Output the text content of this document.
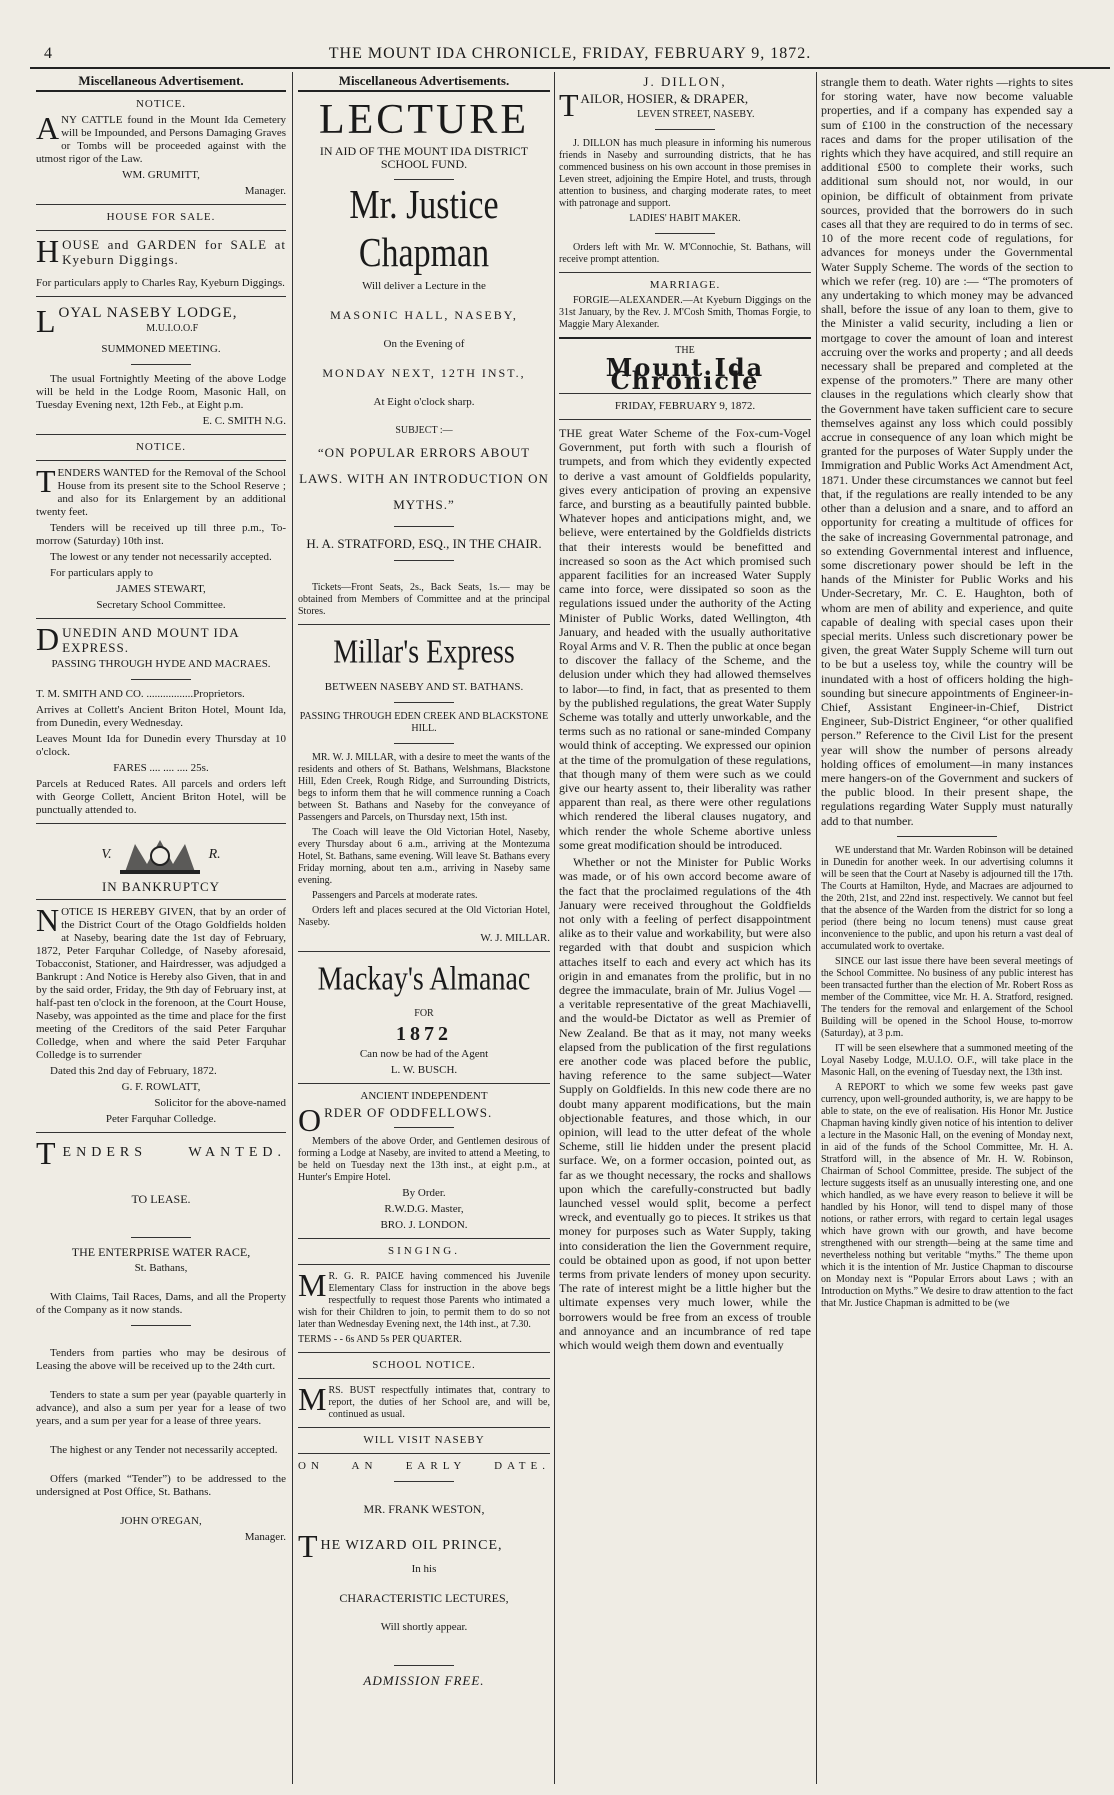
4	THE MOUNT IDA CHRONICLE, FRIDAY, FEBRUARY 9, 1872.
Miscellaneous Advertisement.
NOTICE.

ANY CATTLE found in the Mount Ida Cemetery will be Impounded, and Persons Damaging Graves or Tombs will be proceeded against with the utmost rigor of the Law.

WM. GRUMITT,

Manager.

HOUSE FOR SALE.

HOUSE and GARDEN for SALE at Kyeburn Diggings.

For particulars apply to Charles Ray, Kyeburn Diggings.

LOYAL NASEBY LODGE,

M.U.I.O.O.F

SUMMONED MEETING.

The usual Fortnightly Meeting of the above Lodge will be held in the Lodge Room, Masonic Hall, on Tuesday Evening next, 12th Feb., at Eight p.m.

E. C. SMITH N.G.

NOTICE.

TENDERS WANTED for the Removal of the School House from its present site to the School Reserve ; and also for its Enlargement by an additional twenty feet.

Tenders will be received up till three p.m., To-morrow (Saturday) 10th inst.

The lowest or any tender not necessarily accepted.

For particulars apply to

JAMES STEWART,

Secretary School Committee.

DUNEDIN AND MOUNT IDA EXPRESS.

PASSING THROUGH HYDE AND MACRAES.

T. M. SMITH AND CO. .................Proprietors.

Arrives at Collett's Ancient Briton Hotel, Mount Ida, from Dunedin, every Wednesday.

Leaves Mount Ida for Dunedin every Thursday at 10 o'clock.

FARES .... .... .... 25s.

Parcels at Reduced Rates. All parcels and orders left with George Collett, Ancient Briton Hotel, will be punctually attended to.

V.	R.

IN BANKRUPTCY

NOTICE IS HEREBY GIVEN, that by an order of the District Court of the Otago Goldfields holden at Naseby, bearing date the 1st day of February, 1872, Peter Farquhar Colledge, of Naseby aforesaid, Tobacconist, Stationer, and Hairdresser, was adjudged a Bankrupt : And Notice is Hereby also Given, that in and by the said order, Friday, the 9th day of February inst, at half-past ten o'clock in the forenoon, at the Court House, Naseby, was appointed as the time and place for the first meeting of the Creditors of the said Peter Farquhar Colledge, when and where the said Peter Farquhar Colledge is to surrender

Dated this 2nd day of February, 1872.

G. F. ROWLATT,

Solicitor for the above-named

Peter Farquhar Colledge.

TENDERS WANTED.

TO LEASE.

THE ENTERPRISE WATER RACE,

St. Bathans,

With Claims, Tail Races, Dams, and all the Property of the Company as it now stands.

Tenders from parties who may be desirous of Leasing the above will be received up to the 24th curt.

Tenders to state a sum per year (payable quarterly in advance), and also a sum per year for a lease of two years, and a sum per year for a lease of three years.

The highest or any Tender not necessarily accepted.

Offers (marked “Tender”) to be addressed to the undersigned at Post Office, St. Bathans.

JOHN O'REGAN,

Manager.

Miscellaneous Advertisements.
LECTURE

IN AID OF THE MOUNT IDA DISTRICT SCHOOL FUND.

Mr. Justice Chapman

Will deliver a Lecture in the

MASONIC HALL, NASEBY,

On the Evening of

MONDAY NEXT, 12TH INST.,

At Eight o'clock sharp.

SUBJECT :—

“ON POPULAR ERRORS ABOUT LAWS. WITH AN INTRODUCTION ON MYTHS.”

H. A. STRATFORD, ESQ., IN THE CHAIR.

Tickets—Front Seats, 2s., Back Seats, 1s.— may be obtained from Members of Committee and at the principal Stores.

Millar's Express

BETWEEN NASEBY AND ST. BATHANS.

PASSING THROUGH EDEN CREEK AND BLACKSTONE HILL.

MR. W. J. MILLAR, with a desire to meet the wants of the residents and others of St. Bathans, Welshmans, Blackstone Hill, Eden Creek, Rough Ridge, and Surrounding Districts, begs to inform them that he will commence running a Coach between St. Bathans and Naseby for the conveyance of Passengers and Parcels, on Thursday next, 15th inst.

The Coach will leave the Old Victorian Hotel, Naseby, every Thursday about 6 a.m., arriving at the Montezuma Hotel, St. Bathans, same evening. Will leave St. Bathans every Friday morning, about ten a.m., arriving in Naseby same evening.

Passengers and Parcels at moderate rates.

Orders left and places secured at the Old Victorian Hotel, Naseby.

W. J. MILLAR.

Mackay's Almanac

FOR

1872

Can now be had of the Agent

L. W. BUSCH.

ANCIENT INDEPENDENT

ORDER OF ODDFELLOWS.

Members of the above Order, and Gentlemen desirous of forming a Lodge at Naseby, are invited to attend a Meeting, to be held on Tuesday next the 13th inst., at eight p.m., at Hunter's Empire Hotel.

By Order.

R.W.D.G. Master,

BRO. J. LONDON.

SINGING.

MR. G. R. PAICE having commenced his Juvenile Elementary Class for instruction in the above begs respectfully to request those Parents who intimated a wish for their Children to join, to permit them to do so not later than Wednesday Evening next, the 14th inst., at 7.30.

TERMS - - 6s AND 5s PER QUARTER.

SCHOOL NOTICE.

MRS. BUST respectfully intimates that, contrary to report, the duties of her School are, and will be, continued as usual.

WILL VISIT NASEBY

ON AN EARLY DATE.

MR. FRANK WESTON,

THE WIZARD OIL PRINCE,

In his

CHARACTERISTIC LECTURES,

Will shortly appear.

ADMISSION FREE.

J. DILLON,

TAILOR, HOSIER, & DRAPER,

LEVEN STREET, NASEBY.

J. DILLON has much pleasure in informing his numerous friends in Naseby and surrounding districts, that he has commenced business on his own account in those premises in Leven street, adjoining the Empire Hotel, and trusts, through attention to business, and charging moderate rates, to meet with patronage and support.

LADIES' HABIT MAKER.

Orders left with Mr. W. M'Connochie, St. Bathans, will receive prompt attention.

MARRIAGE.

FORGIE—ALEXANDER.—At Kyeburn Diggings on the 31st January, by the Rev. J. M'Cosh Smith, Thomas Forgie, to Maggie Mary Alexander.

THE

Mount Ida Chronicle

FRIDAY, FEBRUARY 9, 1872.

THE great Water Scheme of the Fox-cum-Vogel Government, put forth with such a flourish of trumpets, and from which they evidently expected to derive a vast amount of Goldfields popularity, gives every anticipation of proving an expensive farce, and bursting as a beautifully painted bubble. Whatever hopes and anticipations might, and, we believe, were entertained by the Goldfields districts that their interests would be benefitted and increased so soon as the Act which promised such apparent facilities for an increased Water Supply came into force, were dissipated so soon as the regulations issued under the authority of the Acting Minister of Public Works, dated Wellington, 4th January, and headed with the usually authoritative Royal Arms and V. R. Then the public at once began to discover the fallacy of the Scheme, and the delusion under which they had allowed themselves to labor—to find, in fact, that as presented to them by the published regulations, the great Water Supply Scheme was totally and utterly unworkable, and the terms such as no rational or sane-minded Company would think of accepting. We expressed our opinion at the time of the promulgation of these regulations, that though many of them were such as we could give our hearty assent to, their liberality was rather apparent than real, as there were other regulations which rendered the liberal clauses nugatory, and which render the whole Scheme abortive unless some great modification should be introduced.

Whether or not the Minister for Public Works was made, or of his own accord become aware of the fact that the proclaimed regulations of the 4th January were received throughout the Goldfields not only with a feeling of perfect disappointment alike as to their value and workability, but were also regarded with that doubt and suspicion which attaches itself to each and every act which has its origin in and emanates from the prolific, but in no degree the immaculate, brain of Mr. Julius Vogel —a veritable representative of the great Machiavelli, and the would-be Dictator as well as Premier of New Zealand. Be that as it may, not many weeks elapsed from the publication of the first regulations ere another code was placed before the public, having reference to the same subject—Water Supply on Goldfields. In this new code there are no doubt many apparent modifications, but the main objectionable features, and those which, in our opinion, will lead to the utter defeat of the whole Scheme, still lie hidden under the present placid surface. We, on a former occasion, pointed out, as far as we thought necessary, the rocks and shallows upon which the carefully-constructed but badly launched vessel would split, become a perfect wreck, and eventually go to pieces. It strikes us that money for purposes such as Water Supply, taking into consideration the lien the Government require, could be obtained upon as good, if not upon better terms from private lenders of money upon security. The rate of interest might be a little higher but the ultimate expenses very much lower, while the borrowers would be free from an excess of trouble and annoyance and an incumbrance of red tape which would weigh them down and eventually

strangle them to death. Water rights —rights to sites for storing water, have now become valuable properties, and if a company has expended say a sum of £100 in the construction of the necessary races and dams for the proper utilisation of the rights which they have acquired, and still require an additional £500 to complete their works, such additional sum should not, nor would, in our opinion, be difficult of obtainment from private sources, provided that the borrowers do in such cases all that they are required to do in terms of sec. 10 of the more recent code of regulations, for advances for moneys under the Governmental Water Supply Scheme. The words of the section to which we refer (reg. 10) are :— “The promoters of any undertaking to which money may be advanced shall, before the issue of any loan to them, give to the Minister a valid security, including a lien or mortgage to cover the amount of loan and interest accruing over the works and property ; and all deeds necessary shall be prepared and completed at the expense of the promoters.” There are many other clauses in the regulations which clearly show that the Government have taken sufficient care to secure themselves against any loss which could possibly accrue in consequence of any loan which might be granted for the purposes of Water Supply under the Immigration and Public Works Act Amendment Act, 1871. Under these circumstances we cannot but feel that, if the regulations are really intended to be any other than a delusion and a snare, and to afford an opportunity for creating a multitude of offices for the sake of increasing Governmental patronage, and so extending Governmental interest and influence, some discretionary power should be left in the hands of the Minister for Public Works and his Under-Secretary, Mr. C. E. Haughton, both of whom are men of ability and experience, and quite capable of dealing with special cases upon their special merits. Unless such discretionary power be given, the great Water Supply Scheme will turn out to be but a useless toy, while the country will be inundated with a host of officers holding the high-sounding but sinecure appointments of Engineer-in-Chief, Assistant Engineer-in-Chief, District Engineer, Sub-District Engineer, “or other qualified person.” Reference to the Civil List for the present year will show the number of persons already holding offices of emolument—in many instances mere hangers-on of the Government and suckers of the public blood. In their present shape, the regulations regarding Water Supply must naturally add to that number.

WE understand that Mr. Warden Robinson will be detained in Dunedin for another week. In our advertising columns it will be seen that the Court at Naseby is adjourned till the 17th. The Courts at Hamilton, Hyde, and Macraes are adjourned to the 20th, 21st, and 22nd inst. respectively. We cannot but feel that the absence of the Warden from the district for so long a period (there being no locum tenens) must cause great inconvenience to the public, and upon his return a vast deal of accumulated work to overtake.

SINCE our last issue there have been several meetings of the School Committee. No business of any public interest has been transacted further than the election of Mr. Robert Ross as member of the Committee, vice Mr. H. A. Stratford, resigned. The tenders for the removal and enlargement of the School Building will be opened in the School House, to-morrow (Saturday), at 3 p.m.

IT will be seen elsewhere that a summoned meeting of the Loyal Naseby Lodge, M.U.I.O. O.F., will take place in the Masonic Hall, on the evening of Tuesday next, the 13th inst.

A REPORT to which we some few weeks past gave currency, upon well-grounded authority, is, we are happy to be able to state, on the eve of realisation. His Honor Mr. Justice Chapman having kindly given notice of his intention to deliver a lecture in the Masonic Hall, on the evening of Monday next, in aid of the funds of the School Committee, Mr. H. A. Stratford will, in the absence of Mr. H. W. Robinson, Chairman of School Committee, preside. The subject of the lecture suggests itself as an unusually interesting one, and one which handled, as we have every reason to believe it will be handled by his Honor, will tend to dispel many of those notions, or rather errors, with regard to certain legal usages which have grown with our growth, and have become strengthened with our strength—being at the same time and nevertheless nothing but veritable “myths.” The theme upon which it is the intention of Mr. Justice Chapman to discourse on Monday next is “Popular Errors about Laws ; with an Introduction on Myths.” We desire to draw attention to the fact that Mr. Justice Chapman is admitted to be (we
